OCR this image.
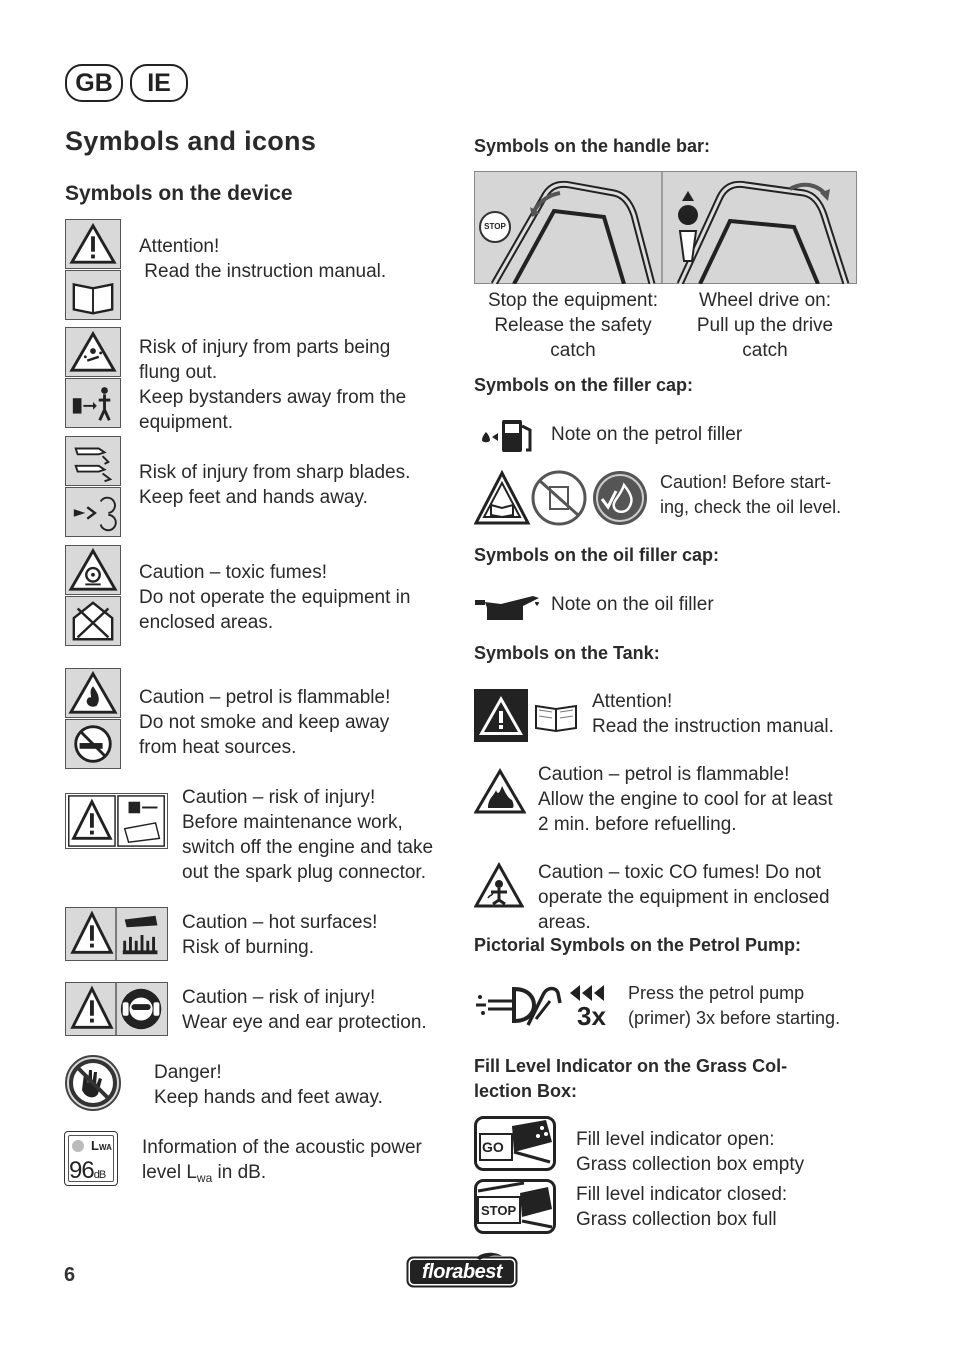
GB	IE
Symbols and icons
Symbols on the device
Attention!
Read the instruction manual.
Risk of injury from parts being
flung out.
Keep bystanders away from the
equipment.
Risk of injury from sharp blades.
Keep feet and hands away.
Caution – toxic fumes!
Do not operate the equipment in
enclosed areas.
Caution – petrol is flammable!
Do not smoke and keep away
from heat sources.
Caution – risk of injury!
Before maintenance work,
switch off the engine and take
out the spark plug connector.
Caution – hot surfaces!
Risk of burning.
Caution – risk of injury!
Wear eye and ear protection.
Danger!
Keep hands and feet away.
LWA
96dB
Information of the acoustic power
level $L_{wa}$ in dB.
Symbols on the handle bar:
STOP
Stop the equipment:
Release the safety
catch
Wheel drive on:
Pull up the drive
catch
Symbols on the filler cap:
Note on the petrol filler
Caution! Before start-
ing, check the oil level.
Symbols on the oil filler cap:
Note on the oil filler
Symbols on the Tank:
Attention!
Read the instruction manual.
Caution – petrol is flammable!
Allow the engine to cool for at least
2 min. before refuelling.
Caution – toxic CO fumes! Do not
operate the equipment in enclosed
areas.
Pictorial Symbols on the Petrol Pump:
3x
Press the petrol pump
(primer) 3x before starting.
Fill Level Indicator on the Grass Col-
lection Box:
GO	Fill level indicator open:
Grass collection box empty
STOP
Fill level indicator closed:
Grass collection box full
6	florabest
